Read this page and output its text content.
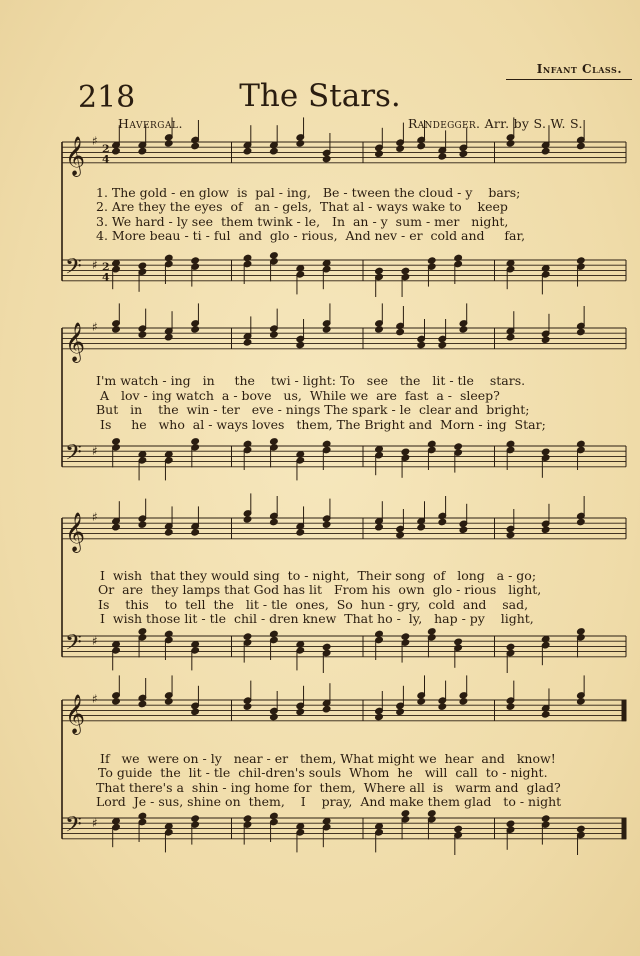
Infant Class.
218	The Stars.
Havergal.	Randegger. Arr. by S. W. S.
𝄞
𝄢
♯
♯
2
4
2
4
𝄞
𝄢
♯
♯
𝄞
𝄢
♯
♯
𝄞
𝄢
♯
♯
1. The gold - en glow  is  pal - ing,   Be - tween the cloud - y    bars;
2. Are they the eyes  of   an - gels,  That al - ways wake to    keep
3. We hard - ly see  them twink - le,   In  an - y  sum - mer   night,
4. More beau - ti - ful  and  glo - rious,  And nev - er  cold and     far,
I'm watch - ing   in     the    twi - light: To   see   the   lit - tle    stars.
A   lov - ing watch  a - bove   us,  While we  are  fast  a -  sleep?
But   in    the  win - ter   eve - nings The spark - le  clear and  bright;
Is     he   who  al - ways loves   them, The Bright and  Morn - ing  Star;
I  wish  that they would sing  to - night,  Their song  of   long   a - go;
Or  are  they lamps that God has lit   From his  own  glo - rious   light,
Is    this    to  tell  the   lit - tle  ones,  So  hun - gry,  cold  and    sad,
I  wish those lit - tle  chil - dren knew  That ho -  ly,   hap - py    light,
If   we  were on - ly   near - er   them, What might we  hear  and   know!
To guide  the  lit - tle  chil-dren's souls  Whom  he   will  call  to - night.
That there's a  shin - ing home for  them,  Where all  is   warm and  glad?
Lord  Je - sus, shine on  them,    I    pray,  And make them glad   to - night
